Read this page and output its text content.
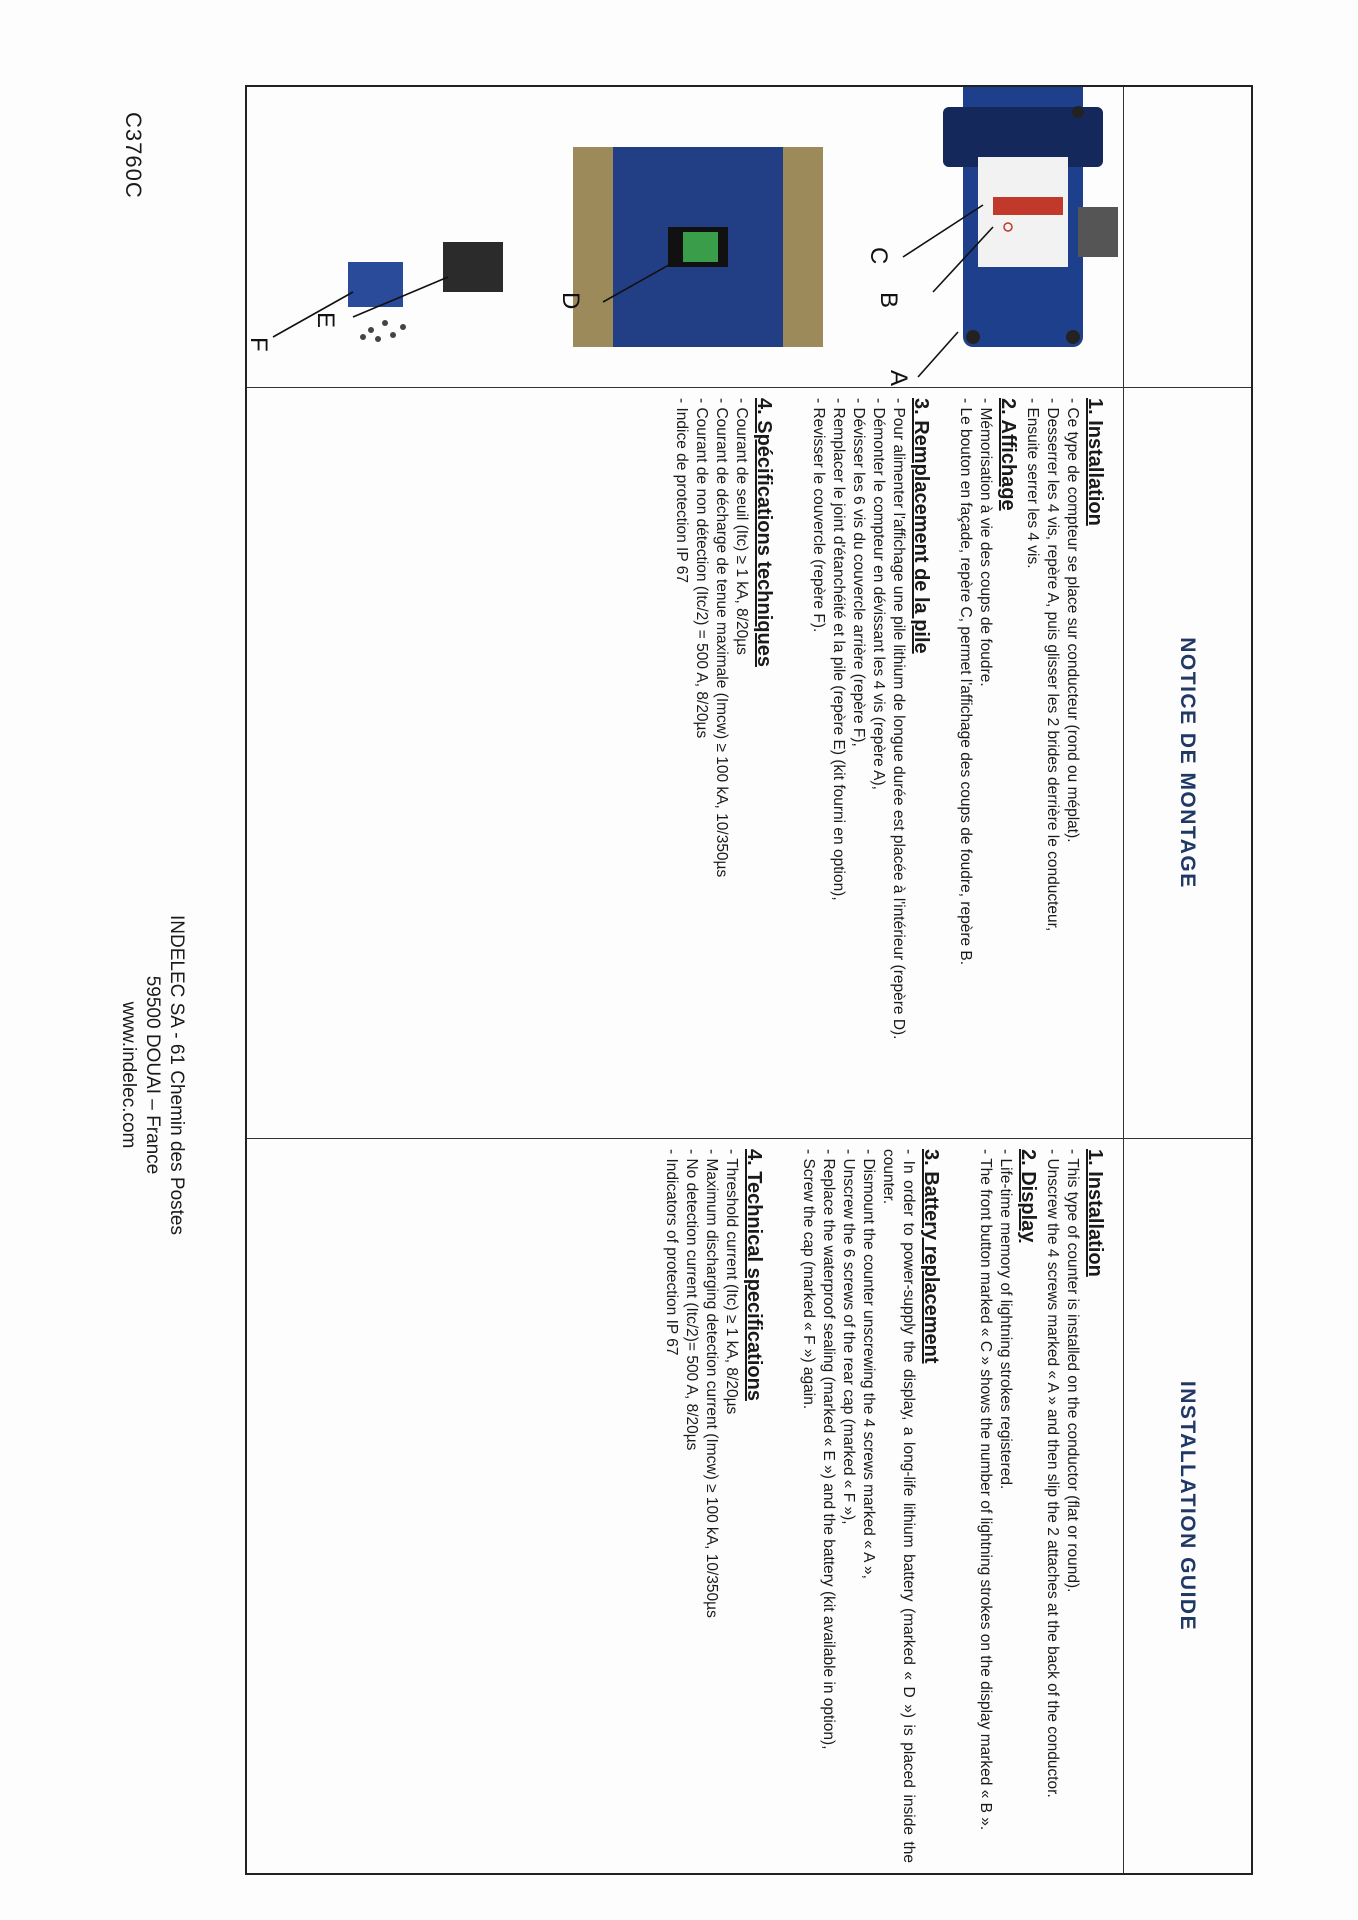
C3760C
A
B
C
D
E
F
NOTICE DE MONTAGE
1. Installation
- Ce type de compteur se place sur conducteur (rond ou méplat).
- Desserrer les 4 vis, repère A, puis glisser les 2 brides derrière le conducteur,
- Ensuite serrer les 4 vis.
2. Affichage
- Mémorisation à vie des coups de foudre.
- Le bouton en façade, repère C, permet l'affichage des coups de foudre, repère B.
3. Remplacement de la pile
- Pour alimenter l'affichage une pile lithium de longue durée est placée à l'intérieur (repère D).
- Démonter le compteur en dévissant les 4 vis (repère A),
- Dévisser les 6 vis du couvercle arrière (repère F),
- Remplacer le joint d'étanchéité et la pile (repère E) (kit fourni en option),
- Revisser le couvercle (repère F).
4. Spécifications techniques
- Courant de seuil (Itc) ≥ 1 kA, 8/20µs
- Courant de décharge de tenue maximale (Imcw) ≥ 100 kA, 10/350µs
- Courant de non détection (Itc/2) = 500 A, 8/20µs
- Indice de protection IP 67
INSTALLATION GUIDE
1. Installation
- This type of counter is installed on the conductor (flat or round).
- Unscrew the 4 screws marked « A » and then slip the 2 attaches at the back of the conductor.
2. Display
- Life-time memory of lightning strokes registered.
- The front button marked « C » shows the number of lightning strokes on the display marked « B ».
3. Battery replacement
- In order to power-supply the display, a long-life lithium battery (marked « D ») is placed inside the counter.
- Dismount the counter unscrewing the 4 screws marked « A »,
- Unscrew the 6 screws of the rear cap (marked « F »),
- Replace the waterproof sealing (marked « E ») and the battery (kit available in option),
- Screw the cap (marked « F ») again.
4. Technical specifications
- Threshold current (Itc) ≥ 1 kA, 8/20µs
- Maximum discharging detection current (Imcw) ≥ 100 kA, 10/350µs
- No detection current (Itc/2)= 500 A, 8/20µs
- Indicators of protection IP 67
INDELEC SA - 61 Chemin des Postes
59500 DOUAI – France
www.indelec.com
